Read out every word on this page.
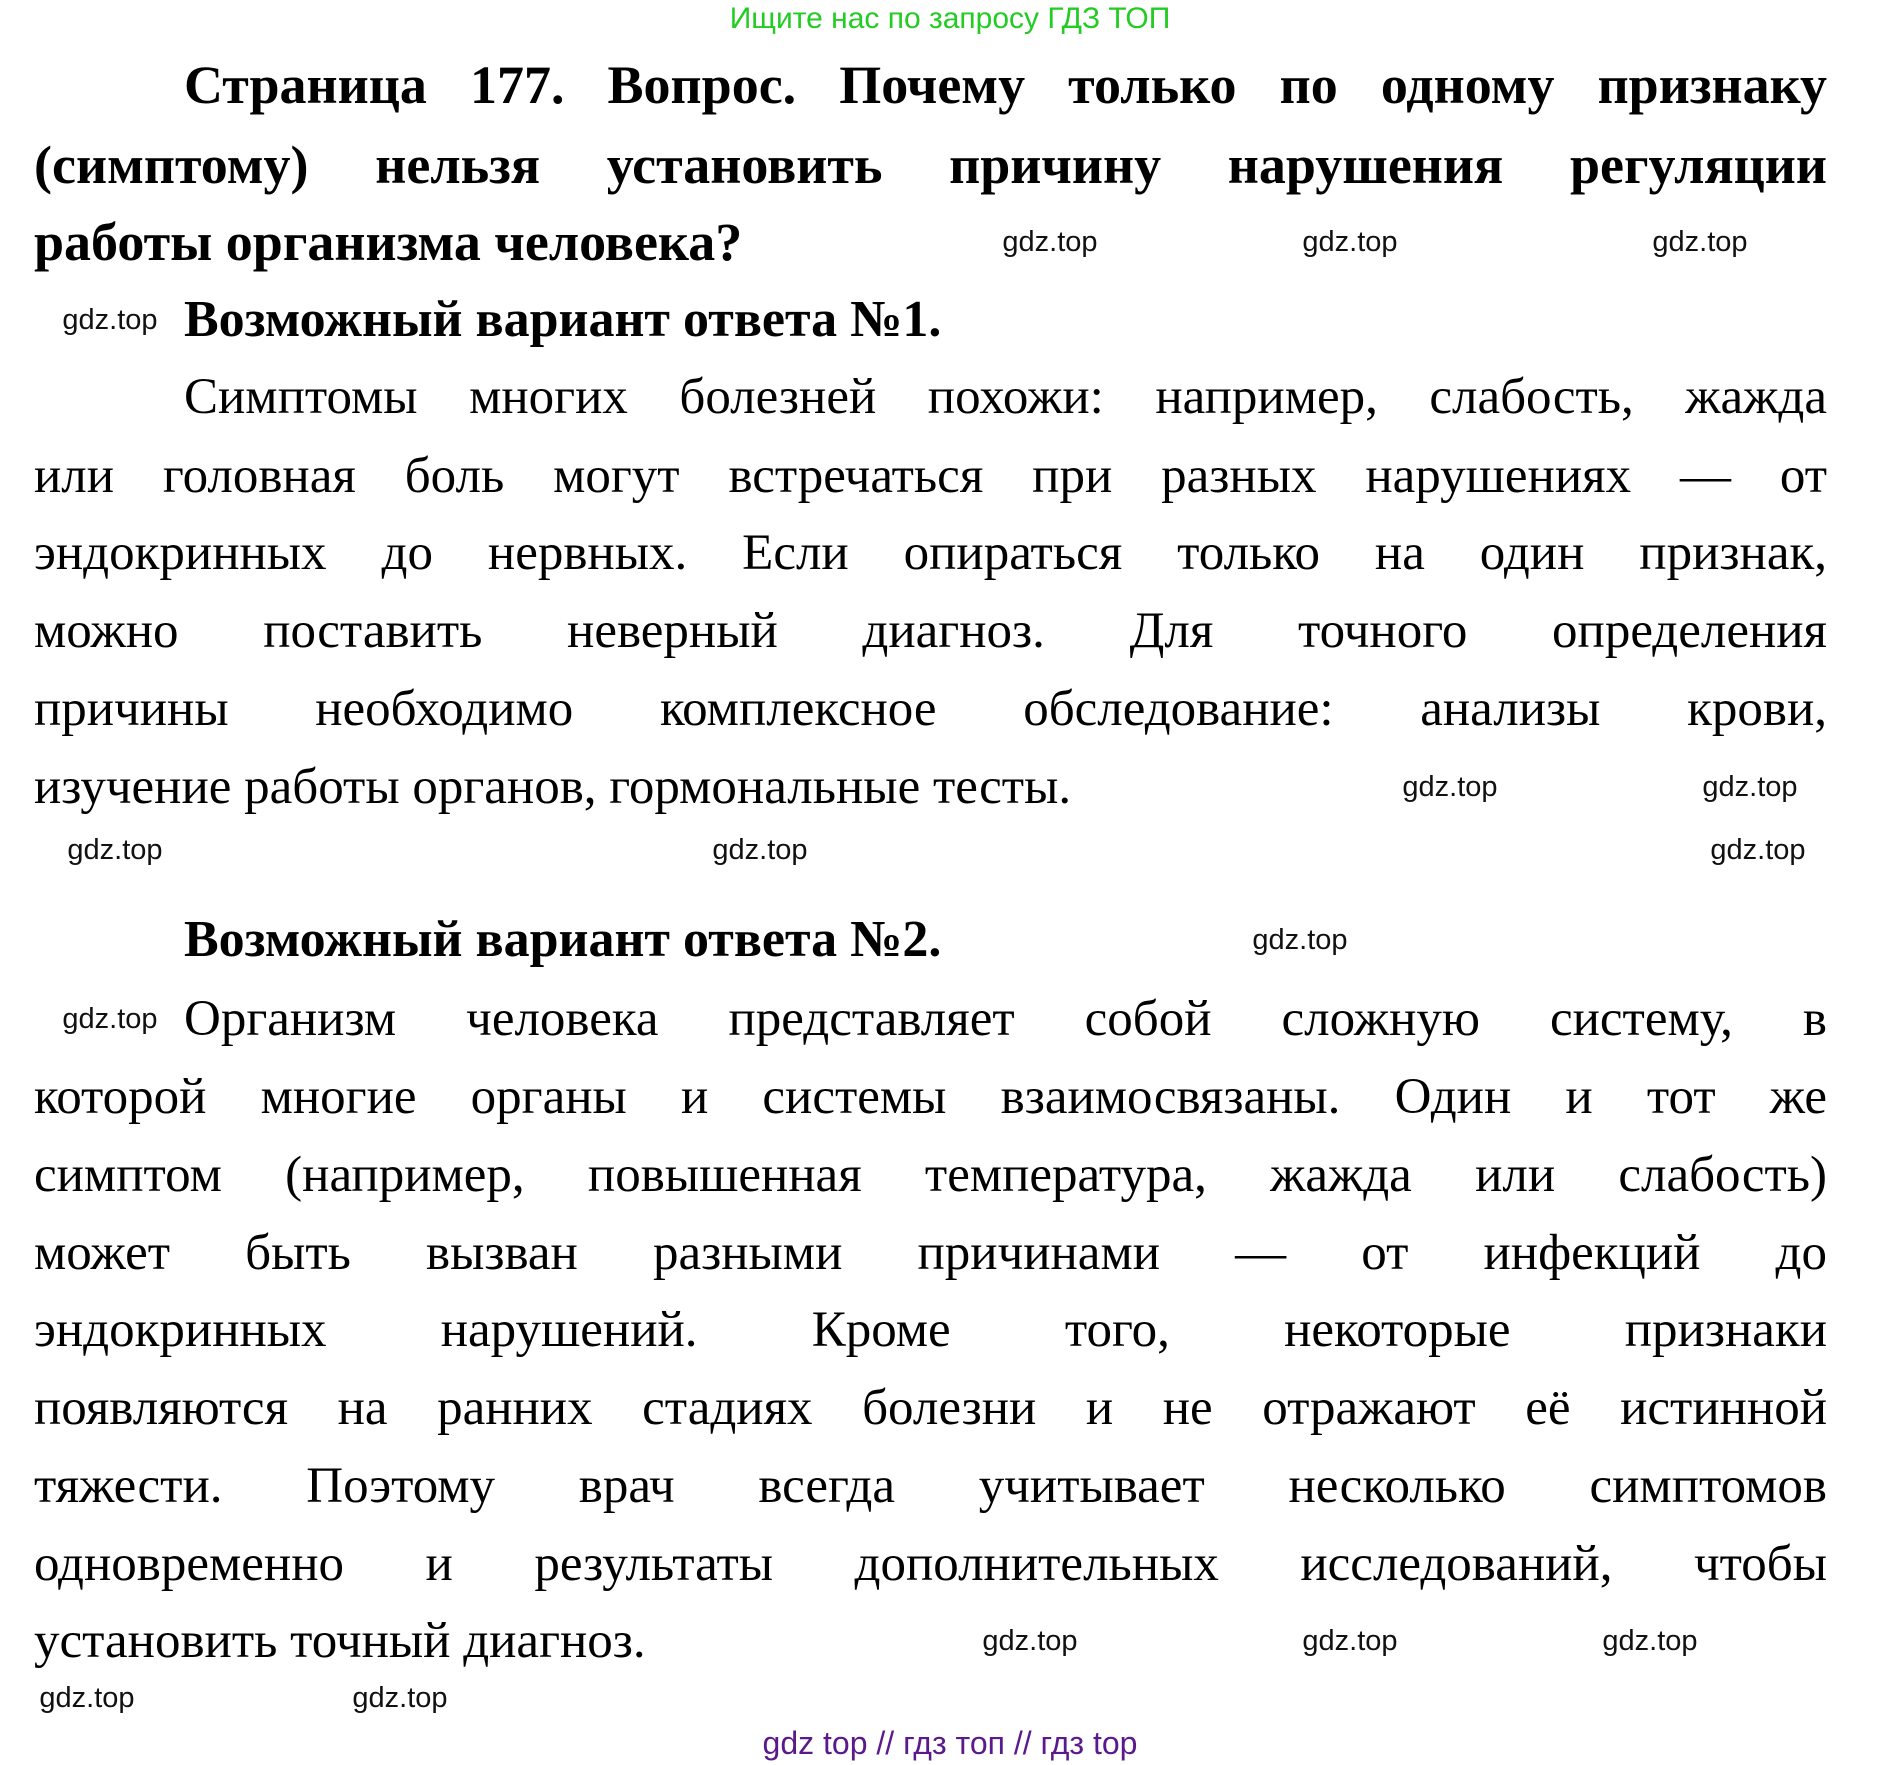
Ищите нас по запросу ГДЗ ТОП
Страница 177. Вопрос. Почему только по одному признаку
(симптому) нельзя установить причину нарушения регуляции
работы организма человека?
Возможный вариант ответа №1.
Симптомы многих болезней похожи: например, слабость, жажда
или головная боль могут встречаться при разных нарушениях — от
эндокринных до нервных. Если опираться только на один признак,
можно поставить неверный диагноз. Для точного определения
причины необходимо комплексное обследование: анализы крови,
изучение работы органов, гормональные тесты.
Возможный вариант ответа №2.
Организм человека представляет собой сложную систему, в
которой многие органы и системы взаимосвязаны. Один и тот же
симптом (например, повышенная температура, жажда или слабость)
может быть вызван разными причинами — от инфекций до
эндокринных нарушений. Кроме того, некоторые признаки
появляются на ранних стадиях болезни и не отражают её истинной
тяжести. Поэтому врач всегда учитывает несколько симптомов
одновременно и результаты дополнительных исследований, чтобы
установить точный диагноз.
gdz.top	gdz.top	gdz.top
gdz.top
gdz.top	gdz.top
gdz.top
gdz.top	gdz.top
gdz.top
gdz.top
gdz.top	gdz.top	gdz.top
gdz.top	gdz.top
gdz top // гдз топ // гдз top
